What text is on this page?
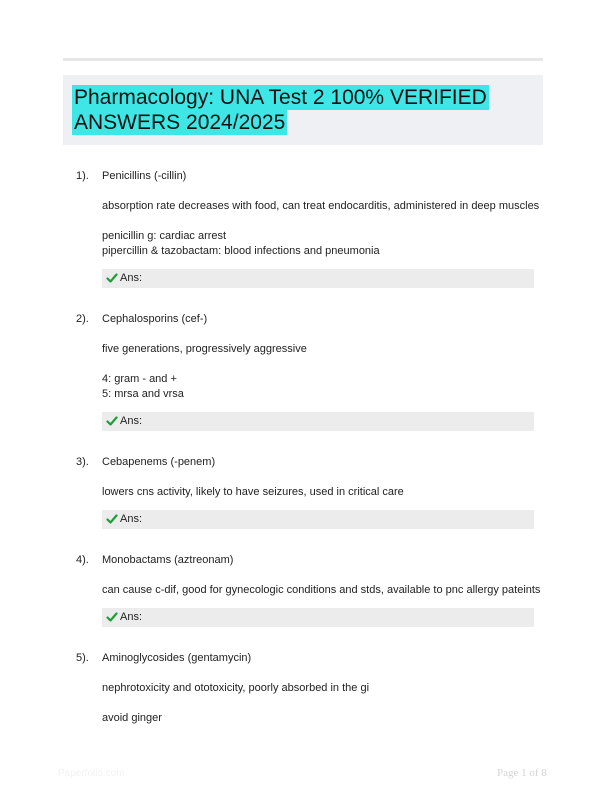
Pharmacology: UNA Test 2 100% VERIFIED ANSWERS 2024/2025
1). Penicillins (-cillin)
absorption rate decreases with food, can treat endocarditis, administered in deep muscles
penicillin g: cardiac arrest
pipercillin & tazobactam: blood infections and pneumonia
Ans:
2). Cephalosporins (cef-)
five generations, progressively aggressive
4: gram - and +
5: mrsa and vrsa
Ans:
3). Cebapenems (-penem)
lowers cns activity, likely to have seizures, used in critical care
Ans:
4). Monobactams (aztreonam)
can cause c-dif, good for gynecologic conditions and stds, available to pnc allergy pateints
Ans:
5). Aminoglycosides (gentamycin)
nephrotoxicity and ototoxicity, poorly absorbed in the gi
avoid ginger
Paperfolio.com	Page 1 of 8
